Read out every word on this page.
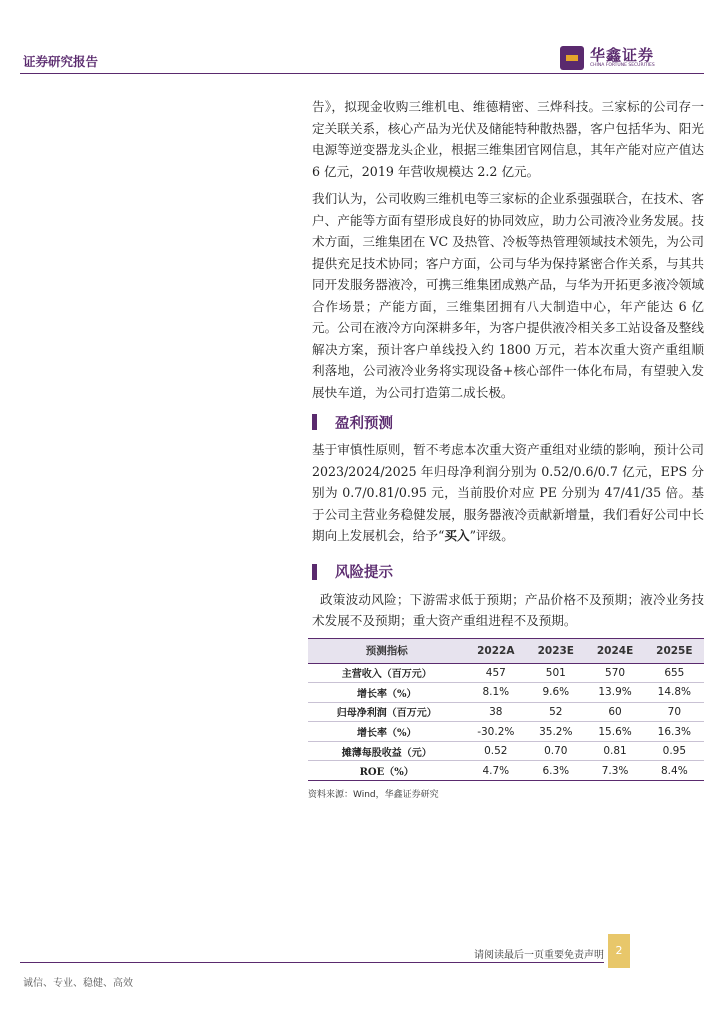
证券研究报告	华鑫证券
CHINA FORTUNE SECURITIES

告》，拟现金收购三维机电、维德精密、三烨科技。三家标的公司存一定关联关系，核心产品为光伏及储能特种散热器，客户包括华为、阳光电源等逆变器龙头企业，根据三维集团官网信息，其年产能对应产值达 6 亿元，2019 年营收规模达 2.2 亿元。

我们认为，公司收购三维机电等三家标的企业系强强联合，在技术、客户、产能等方面有望形成良好的协同效应，助力公司液冷业务发展。技术方面，三维集团在 VC 及热管、冷板等热管理领域技术领先，为公司提供充足技术协同；客户方面，公司与华为保持紧密合作关系，与其共同开发服务器液冷，可携三维集团成熟产品，与华为开拓更多液冷领域合作场景；产能方面，三维集团拥有八大制造中心，年产能达 6 亿元。公司在液冷方向深耕多年，为客户提供液冷相关多工站设备及整线解决方案，预计客户单线投入约 1800 万元，若本次重大资产重组顺利落地，公司液冷业务将实现设备+核心部件一体化布局，有望驶入发展快车道，为公司打造第二成长极。

盈利预测

基于审慎性原则，暂不考虑本次重大资产重组对业绩的影响，预计公司 2023/2024/2025 年归母净利润分别为 0.52/0.6/0.7 亿元，EPS 分别为 0.7/0.81/0.95 元，当前股价对应 PE 分别为 47/41/35 倍。基于公司主营业务稳健发展，服务器液冷贡献新增量，我们看好公司中长期向上发展机会，给予“买入”评级。

风险提示

政策波动风险；下游需求低于预期；产品价格不及预期；液冷业务技术发展不及预期；重大资产重组进程不及预期。

预测指标	2022A	2023E	2024E	2025E
主营收入（百万元）	457	501	570	655
增长率（%）	8.1%	9.6%	13.9%	14.8%
归母净利润（百万元）	38	52	60	70
增长率（%）	-30.2%	35.2%	15.6%	16.3%
摊薄每股收益（元）	0.52	0.70	0.81	0.95
ROE（%）	4.7%	6.3%	7.3%	8.4%
资料来源：Wind，华鑫证券研究
请阅读最后一页重要免责声明	2
诚信、专业、稳健、高效
